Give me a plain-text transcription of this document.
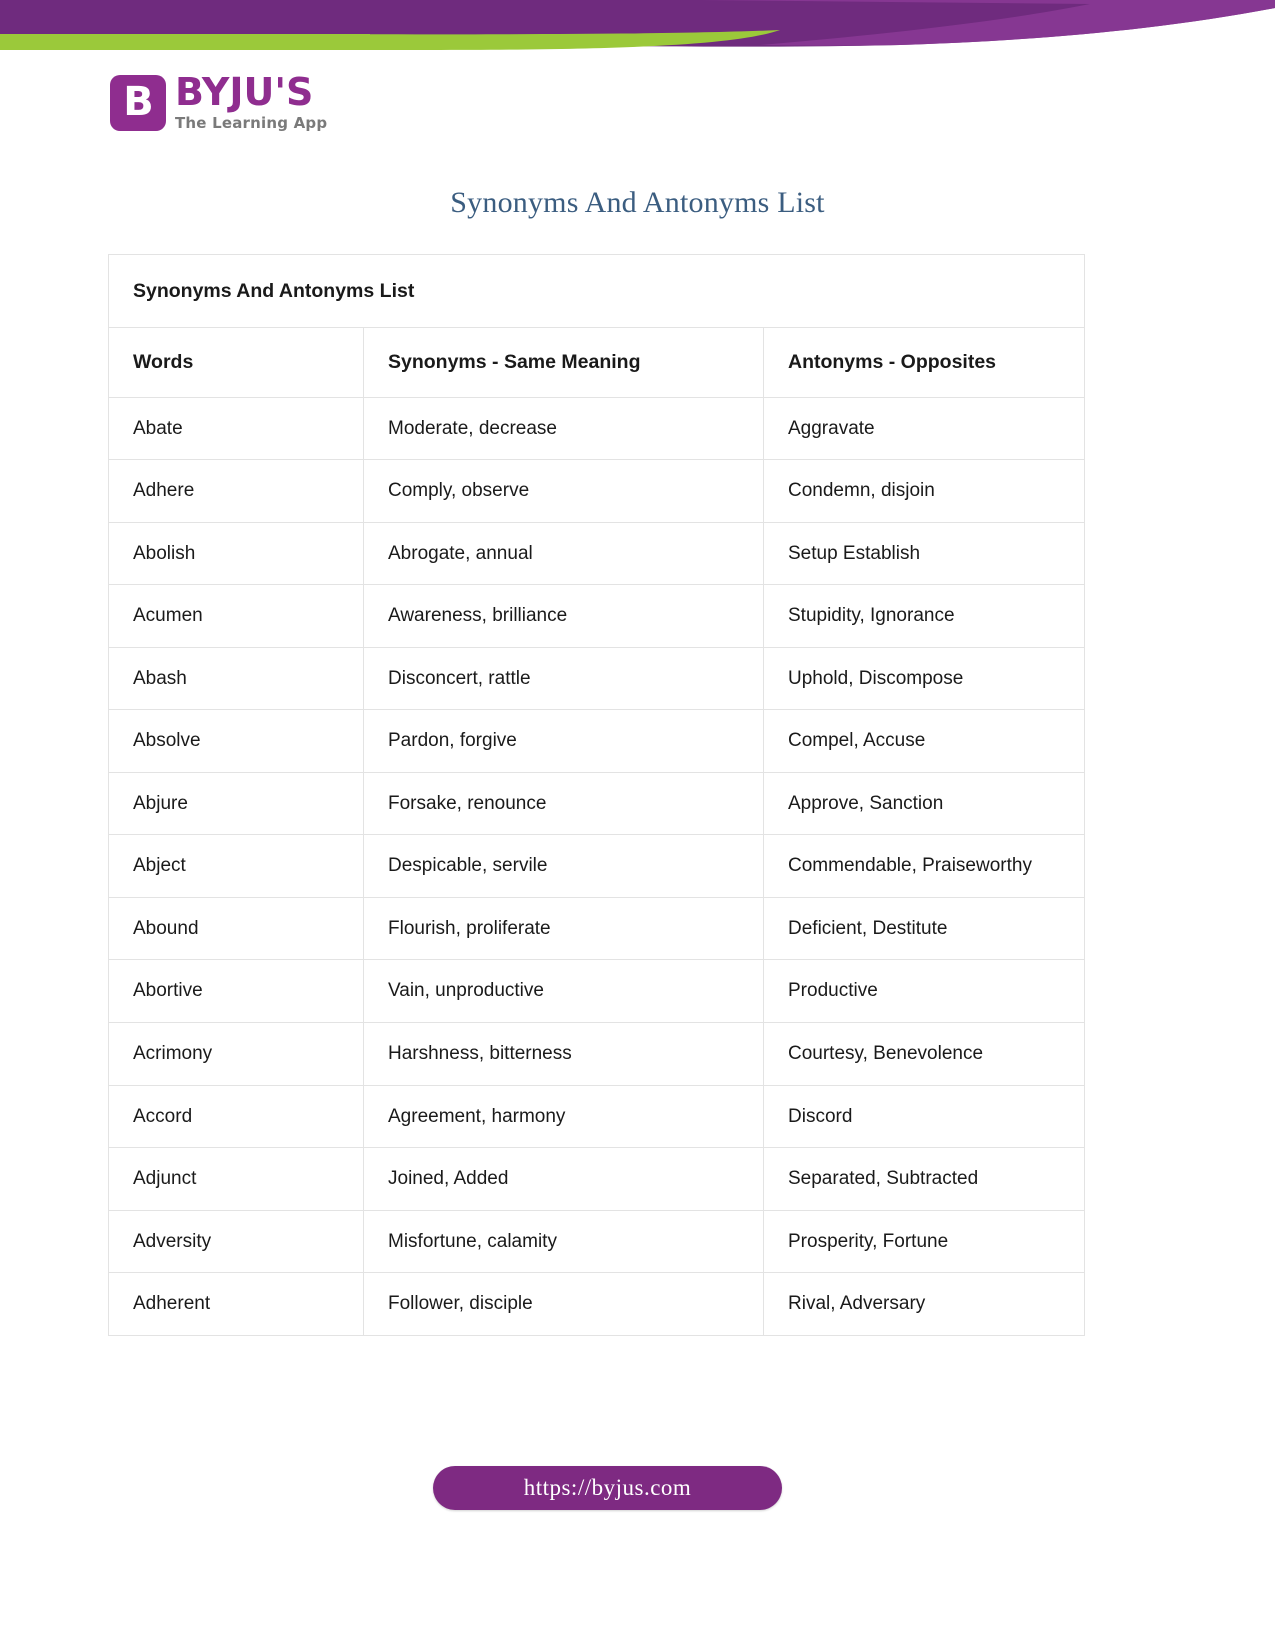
B BYJU'S
The Learning App
Synonyms And Antonyms List
Synonyms And Antonyms List		
Words	Synonyms - Same Meaning	Antonyms - Opposites
Abate	Moderate, decrease	Aggravate
Adhere	Comply, observe	Condemn, disjoin
Abolish	Abrogate, annual	Setup Establish
Acumen	Awareness, brilliance	Stupidity, Ignorance
Abash	Disconcert, rattle	Uphold, Discompose
Absolve	Pardon, forgive	Compel, Accuse
Abjure	Forsake, renounce	Approve, Sanction
Abject	Despicable, servile	Commendable, Praiseworthy
Abound	Flourish, proliferate	Deficient, Destitute
Abortive	Vain, unproductive	Productive
Acrimony	Harshness, bitterness	Courtesy, Benevolence
Accord	Agreement, harmony	Discord
Adjunct	Joined, Added	Separated, Subtracted
Adversity	Misfortune, calamity	Prosperity, Fortune
Adherent	Follower, disciple	Rival, Adversary
https://byjus.com
